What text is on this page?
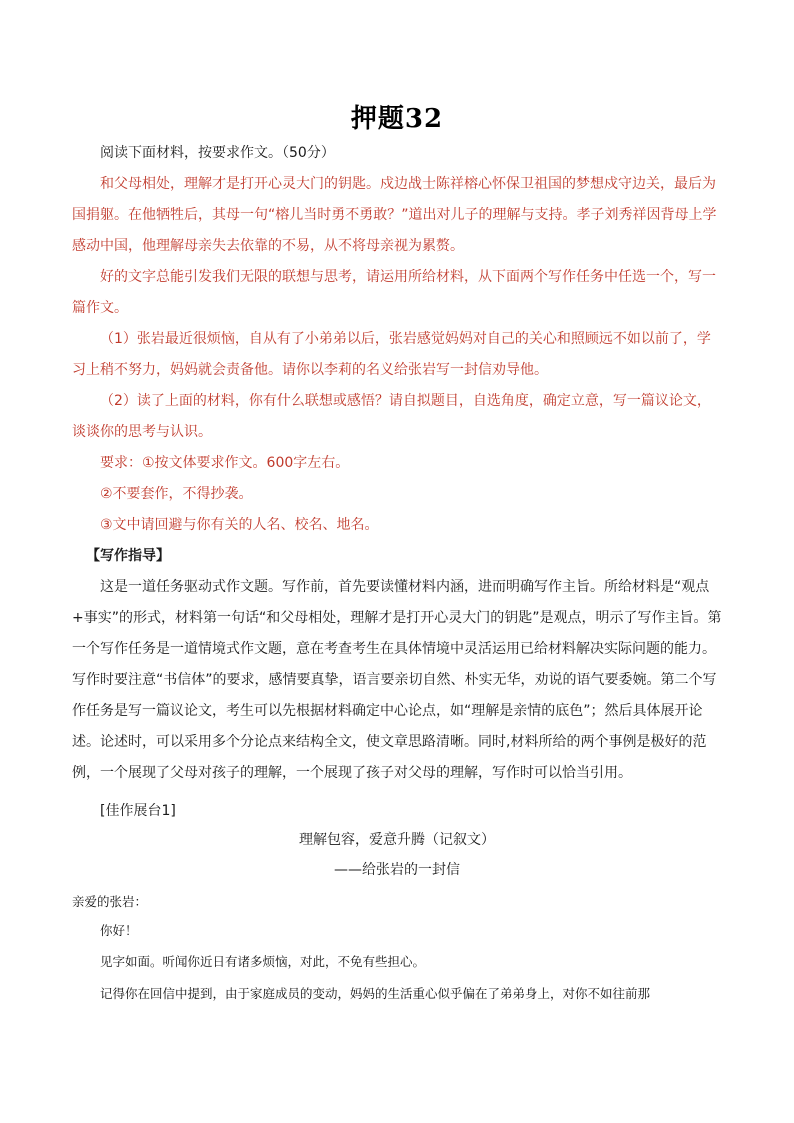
押题32

阅读下面材料，按要求作文。（50分）

和父母相处，理解才是打开心灵大门的钥匙。戍边战士陈祥榕心怀保卫祖国的梦想戍守边关，最后为国捐躯。在他牺牲后，其母一句“榕儿当时勇不勇敢？”道出对儿子的理解与支持。孝子刘秀祥因背母上学感动中国，他理解母亲失去依靠的不易，从不将母亲视为累赘。

好的文字总能引发我们无限的联想与思考，请运用所给材料，从下面两个写作任务中任选一个，写一篇作文。

（1）张岩最近很烦恼，自从有了小弟弟以后，张岩感觉妈妈对自己的关心和照顾远不如以前了，学习上稍不努力，妈妈就会责备他。请你以李莉的名义给张岩写一封信劝导他。

（2）读了上面的材料，你有什么联想或感悟？请自拟题目，自选角度，确定立意，写一篇议论文，谈谈你的思考与认识。

要求：①按文体要求作文。600字左右。

②不要套作，不得抄袭。

③文中请回避与你有关的人名、校名、地名。

【写作指导】

这是一道任务驱动式作文题。写作前，首先要读懂材料内涵，进而明确写作主旨。所给材料是“观点+事实”的形式，材料第一句话“和父母相处，理解才是打开心灵大门的钥匙”是观点，明示了写作主旨。第一个写作任务是一道情境式作文题，意在考查考生在具体情境中灵活运用已给材料解决实际问题的能力。写作时要注意“书信体”的要求，感情要真挚，语言要亲切自然、朴实无华，劝说的语气要委婉。第二个写作任务是写一篇议论文，考生可以先根据材料确定中心论点，如“理解是亲情的底色”；然后具体展开论述。论述时，可以采用多个分论点来结构全文，使文章思路清晰。同时,材料所给的两个事例是极好的范例，一个展现了父母对孩子的理解，一个展现了孩子对父母的理解，写作时可以恰当引用。

[佳作展台1]

理解包容，爱意升腾（记叙文）

——给张岩的一封信

亲爱的张岩：

你好！

见字如面。听闻你近日有诸多烦恼，对此，不免有些担心。

记得你在回信中提到，由于家庭成员的变动，妈妈的生活重心似乎偏在了弟弟身上，对你不如往前那
